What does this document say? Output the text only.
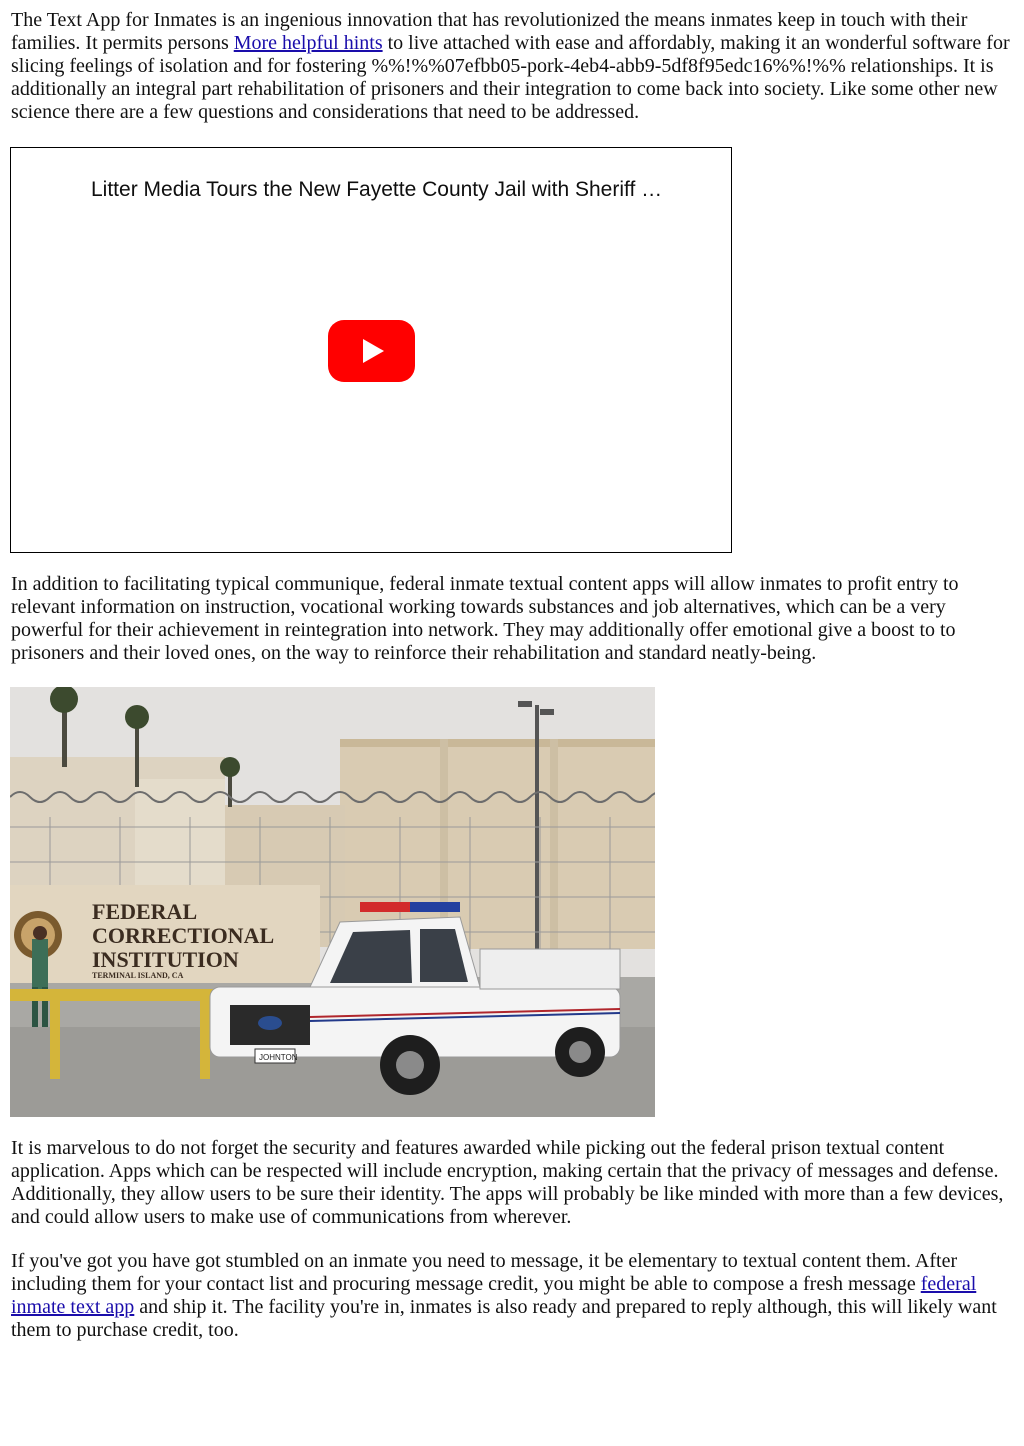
The Text App for Inmates is an ingenious innovation that has revolutionized the means inmates keep in touch with their families. It permits persons More helpful hints to live attached with ease and affordably, making it an wonderful software for slicing feelings of isolation and for fostering %%!%%07efbb05-pork-4eb4-abb9-5df8f95edc16%%!%% relationships. It is additionally an integral part rehabilitation of prisoners and their integration to come back into society. Like some other new science there are a few questions and considerations that need to be addressed.

Litter Media Tours the New Fayette County Jail with Sheriff …

In addition to facilitating typical communique, federal inmate textual content apps will allow inmates to profit entry to relevant information on instruction, vocational working towards substances and job alternatives, which can be a very powerful for their achievement in reintegration into network. They may additionally offer emotional give a boost to to prisoners and their loved ones, on the way to reinforce their rehabilitation and standard neatly-being.

FEDERAL
CORRECTIONAL
INSTITUTION
TERMINAL ISLAND, CA
JOHNTON

It is marvelous to do not forget the security and features awarded while picking out the federal prison textual content application. Apps which can be respected will include encryption, making certain that the privacy of messages and defense. Additionally, they allow users to be sure their identity. The apps will probably be like minded with more than a few devices, and could allow users to make use of communications from wherever.

If you've got you have got stumbled on an inmate you need to message, it be elementary to textual content them. After including them for your contact list and procuring message credit, you might be able to compose a fresh message federal inmate text app and ship it. The facility you're in, inmates is also ready and prepared to reply although, this will likely want them to purchase credit, too.
